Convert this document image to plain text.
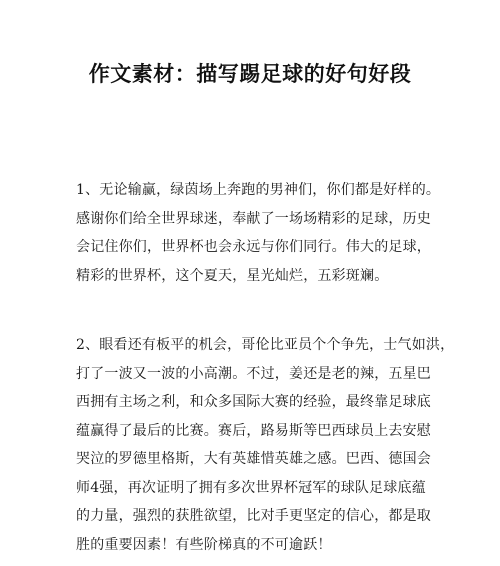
作文素材：描写踢足球的好句好段
1、无论输赢，绿茵场上奔跑的男神们，你们都是好样的。
感谢你们给全世界球迷，奉献了一场场精彩的足球，历史
会记住你们，世界杯也会永远与你们同行。伟大的足球，
精彩的世界杯，这个夏天，星光灿烂，五彩斑斓。
2、眼看还有板平的机会，哥伦比亚员个个争先，士气如洪，
打了一波又一波的小高潮。不过，姜还是老的辣，五星巴
西拥有主场之利，和众多国际大赛的经验，最终靠足球底
蕴赢得了最后的比赛。赛后，路易斯等巴西球员上去安慰
哭泣的罗德里格斯，大有英雄惜英雄之感。巴西、德国会
师4强，再次证明了拥有多次世界杯冠军的球队足球底蕴
的力量，强烈的获胜欲望，比对手更坚定的信心，都是取
胜的重要因素！有些阶梯真的不可逾跃！
